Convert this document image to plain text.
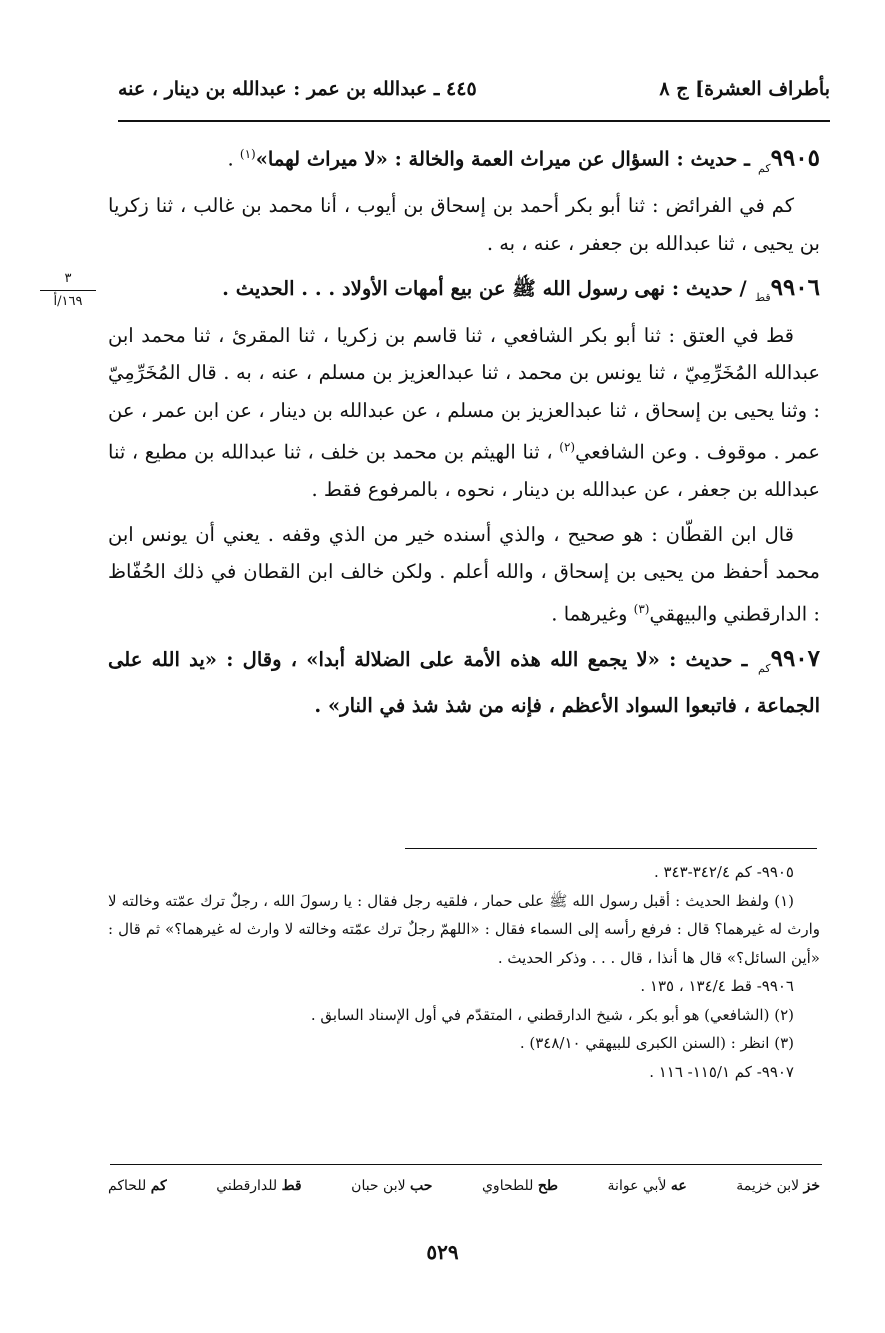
بأطراف العشرة] ج ٨
٤٤٥ ـ عبدالله بن عمر : عبدالله بن دينار ، عنه
٣
١٦٩/أ

$٩٩٠٥_{كم}$ ـ حديث : السؤال عن ميراث العمة والخالة : «لا ميراث لهما»$^{(١)}$ .

كم في الفرائض : ثنا أبو بكر أحمد بن إسحاق بن أيوب ، أنا محمد بن غالب ، ثنا زكريا بن يحيى ، ثنا عبدالله بن جعفر ، عنه ، به .

$٩٩٠٦_{قط}$ / حديث : نهى رسول الله ﷺ عن بيع أمهات الأولاد . . . الحديث .

قط في العتق : ثنا أبو بكر الشافعي ، ثنا قاسم بن زكريا ، ثنا المقرئ ، ثنا محمد ابن عبدالله المُخَرِّمِيّ ، ثنا يونس بن محمد ، ثنا عبدالعزيز بن مسلم ، عنه ، به . قال المُخَرِّمِيّ : وثنا يحيى بن إسحاق ، ثنا عبدالعزيز بن مسلم ، عن عبدالله بن دينار ، عن ابن عمر ، عن عمر . موقوف . وعن الشافعي$^{(٢)}$ ، ثنا الهيثم بن محمد بن خلف ، ثنا عبدالله بن مطيع ، ثنا عبدالله بن جعفر ، عن عبدالله بن دينار ، نحوه ، بالمرفوع فقط .

قال ابن القطّان : هو صحيح ، والذي أسنده خير من الذي وقفه . يعني أن يونس ابن محمد أحفظ من يحيى بن إسحاق ، والله أعلم . ولكن خالف ابن القطان في ذلك الحُفّاظ : الدارقطني والبيهقي$^{(٣)}$ وغيرهما .

$٩٩٠٧_{كم}$ ـ حديث : «لا يجمع الله هذه الأمة على الضلالة أبدا» ، وقال : «يد الله على الجماعة ، فاتبعوا السواد الأعظم ، فإنه من شذ شذ في النار» .

٩٩٠٥- كم ٣٤٢/٤-٣٤٣ .

(١) ولفظ الحديث : أقبل رسول الله ﷺ على حمار ، فلقيه رجل فقال : يا رسولَ الله ، رجلٌ ترك عمّته وخالته لا وارث له غيرهما؟ قال : فرفع رأسه إلى السماء فقال : «اللهمّ رجلٌ ترك عمّته وخالته لا وارث له غيرهما؟» ثم قال : «أين السائل؟» قال ها أنذا ، قال . . . وذكر الحديث .

٩٩٠٦- قط ١٣٤/٤ ، ١٣٥ .

(٢) (الشافعي) هو أبو بكر ، شيخ الدارقطني ، المتقدّم في أول الإسناد السابق .

(٣) انظر : (السنن الكبرى للبيهقي ٣٤٨/١٠) .

٩٩٠٧- كم ١١٥/١- ١١٦ .

خز لابن خزيمة
عه لأبي عوانة
طح للطحاوي
حب لابن حبان
قط للدارقطني
كم للحاكم
٥٢٩
